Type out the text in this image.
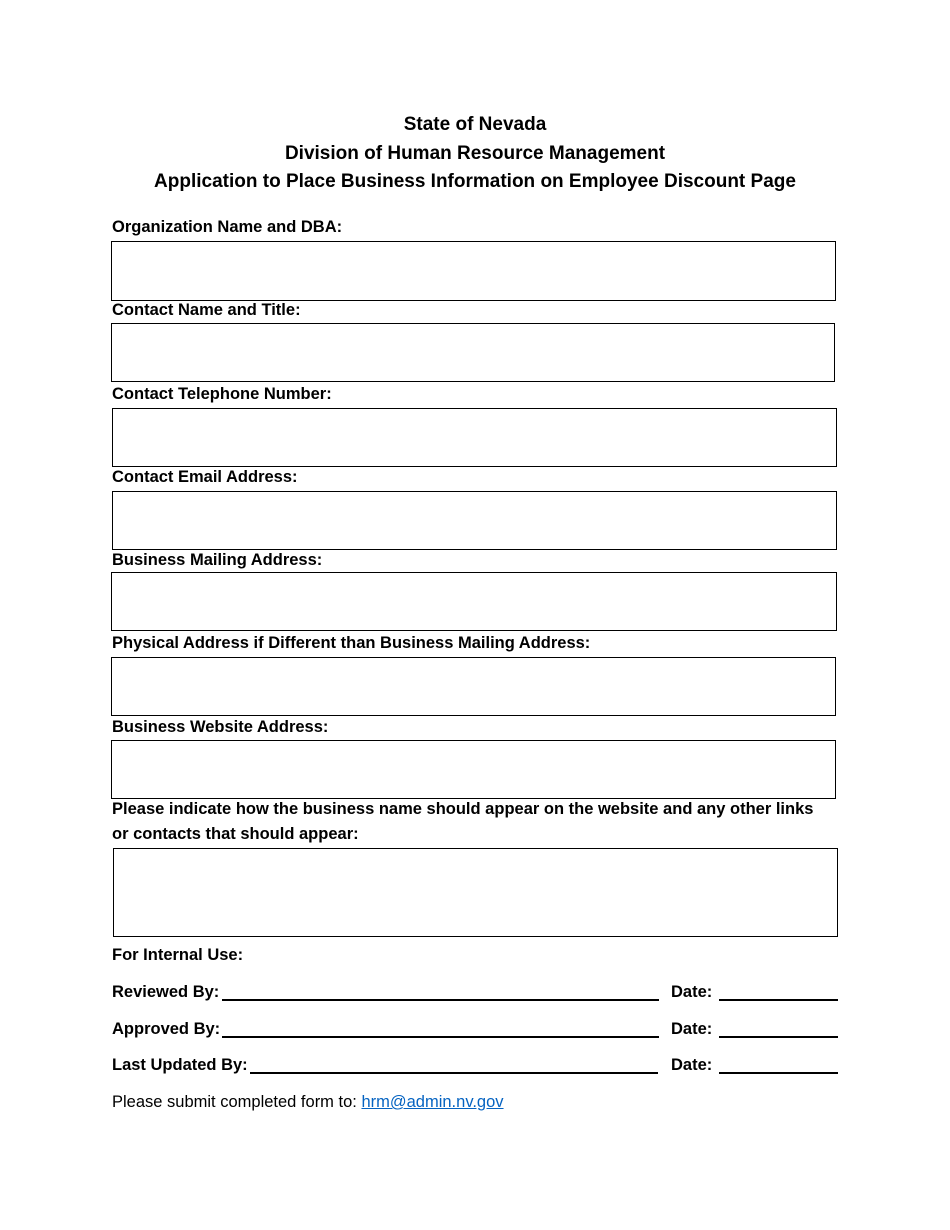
State of Nevada
Division of Human Resource Management
Application to Place Business Information on Employee Discount Page
Organization Name and DBA:
Contact Name and Title:
Contact Telephone Number:
Contact Email Address:
Business Mailing Address:
Physical Address if Different than Business Mailing Address:
Business Website Address:
Please indicate how the business name should appear on the website and any other links or contacts that should appear:
For Internal Use:
Reviewed By:	Date:
Approved By:	Date:
Last Updated By:	Date:
Please submit completed form to: hrm@admin.nv.gov
